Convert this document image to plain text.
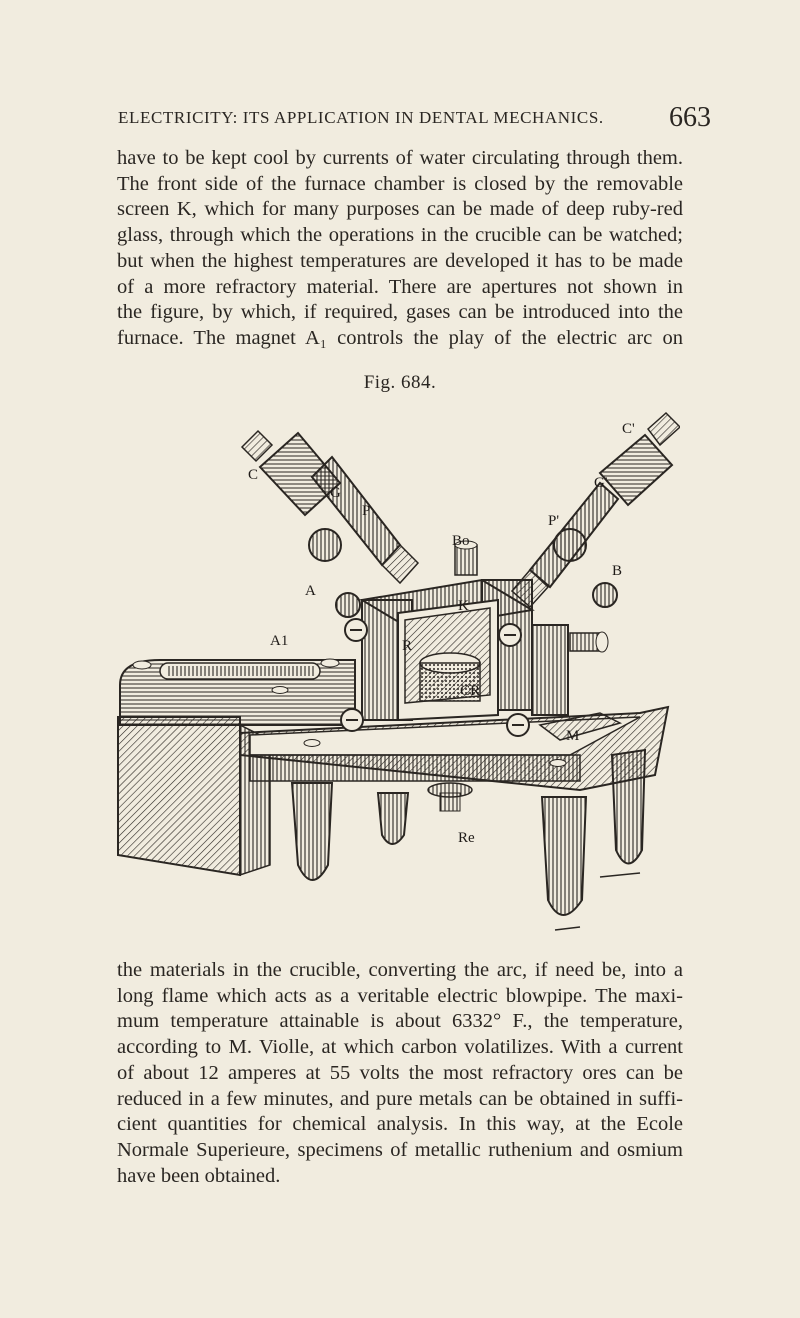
ELECTRICITY: ITS APPLICATION IN DENTAL MECHANICS. 663
have to be kept cool by currents of water circulating through them.
The front side of the furnace chamber is closed by the removable
screen K, which for many purposes can be made of deep ruby-red
glass, through which the operations in the crucible can be watched;
but when the highest temperatures are developed it has to be made
of a more refractory material. There are apertures not shown in
the figure, by which, if required, gases can be introduced into the
furnace. The magnet A₁ controls the play of the electric arc on
Fig. 684.
C
G
P
A
A1
Bo
K
R
CR
Re
C'
G'
P'
B
M
the materials in the crucible, converting the arc, if need be, into a
long flame which acts as a veritable electric blowpipe. The maxi-
mum temperature attainable is about 6332° F., the temperature,
according to M. Violle, at which carbon volatilizes. With a current
of about 12 amperes at 55 volts the most refractory ores can be
reduced in a few minutes, and pure metals can be obtained in suffi-
cient quantities for chemical analysis. In this way, at the Ecole
Normale Superieure, specimens of metallic ruthenium and osmium
have been obtained.
